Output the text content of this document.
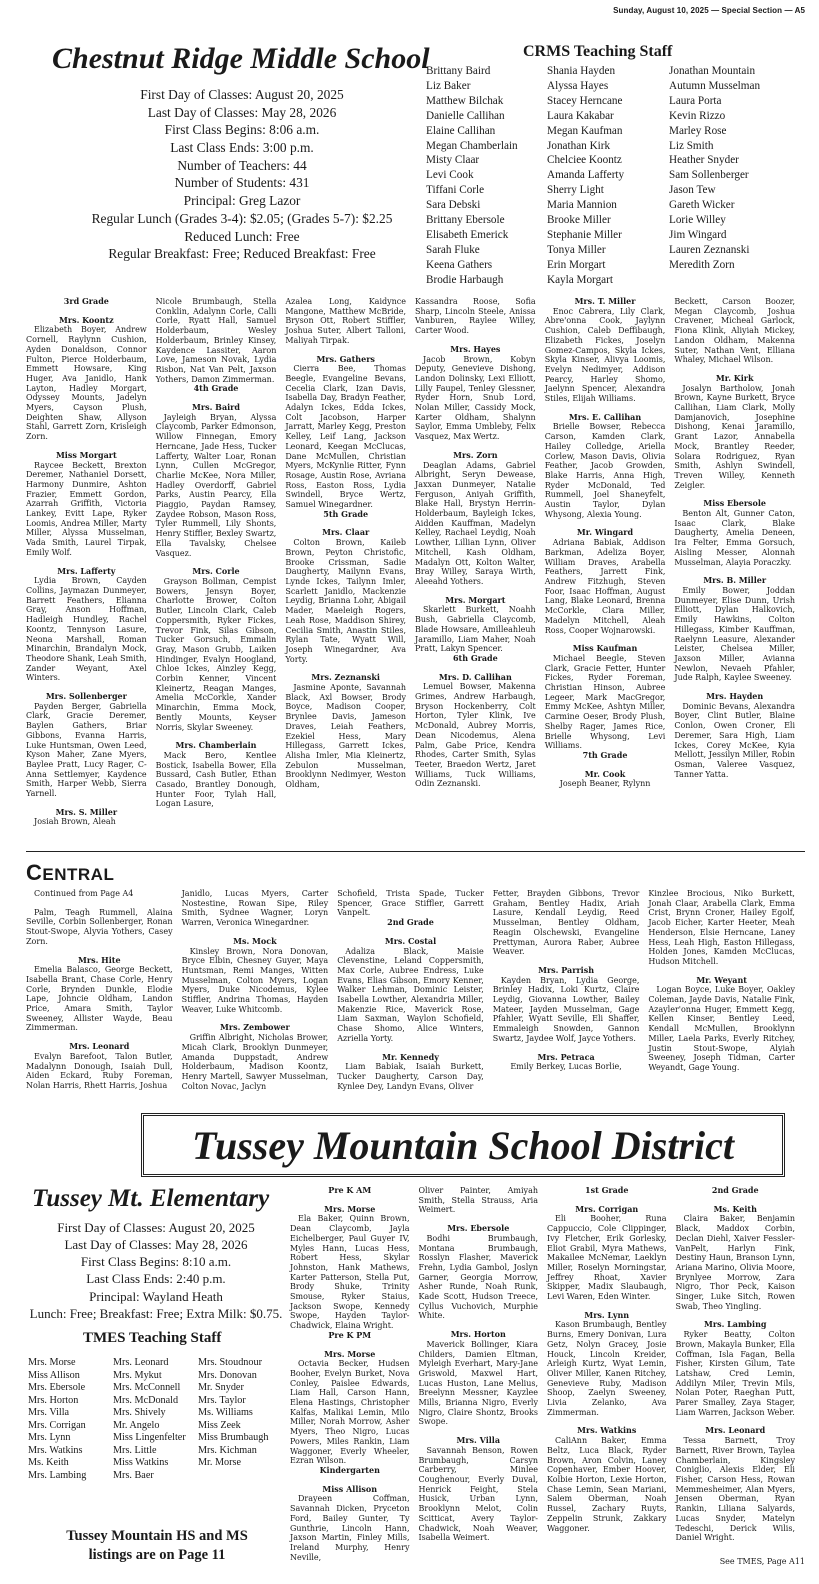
Sunday, August 10, 2025 — Special Section — A5
Chestnut Ridge Middle School
First Day of Classes: August 20, 2025
Last Day of Classes: May 28, 2026
First Class Begins: 8:06 a.m.
Last Class Ends: 3:00 p.m.
Number of Teachers: 44
Number of Students: 431
Principal: Greg Lazor
Regular Lunch (Grades 3-4): $2.05; (Grades 5-7): $2.25
Reduced Lunch: Free
Regular Breakfast: Free; Reduced Breakfast: Free
CRMS Teaching Staff
Brittany Baird	Shania Hayden	Jonathan Mountain
Liz Baker	Alyssa Hayes	Autumn Musselman
Matthew Bilchak	Stacey Herncane	Laura Porta
Danielle Callihan	Laura Kakabar	Kevin Rizzo
Elaine Callihan	Megan Kaufman	Marley Rose
Megan Chamberlain	Jonathan Kirk	Liz Smith
Misty Claar	Chelciee Koontz	Heather Snyder
Levi Cook	Amanda Lafferty	Sam Sollenberger
Tiffani Corle	Sherry Light	Jason Tew
Sara Debski	Maria Mannion	Gareth Wicker
Brittany Ebersole	Brooke Miller	Lorie Willey
Elisabeth Emerick	Stephanie Miller	Jim Wingard
Sarah Fluke	Tonya Miller	Lauren Zeznanski
Keena Gathers	Erin Morgart	Meredith Zorn
Brodie Harbaugh	Kayla Morgart
3rd Grade
Mrs. Koontz
Elizabeth Boyer, Andrew Cornell, Raylynn Cushion, Ayden Donaldson, Connor Fulton, Pierce Holderbaum, Emmett Howsare, King Huger, Ava Janidlo, Hank Layton, Hadley Morgart, Odyssey Mounts, Jadelyn Myers, Cayson Plush, Deighten Shaw, Allyson Stahl, Garrett Zorn, Krisleigh Zorn.
Miss Morgart
Raycee Beckett, Brexton Deremer, Nathaniel Dorsett, Harmony Dunmire, Ashton Frazier, Emmett Gordon, Azarrah Griffith, Victoria Lankey, Evitt Lape, Ryker Loomis, Andrea Miller, Marty Miller, Alyssa Musselman, Vada Smith, Laurel Tirpak, Emily Wolf.
Mrs. Lafferty
Lydia Brown, Cayden Collins, Jaymazan Dunmeyer, Barrett Feathers, Elianna Gray, Anson Hoffman, Hadleigh Hundley, Rachel Koontz, Tennyson Lasure, Neona Marshall, Roman Minarchin, Brandalyn Mock, Theodore Shank, Leah Smith, Zander Weyant, Axel Winters.
Mrs. Sollenberger
Payden Berger, Gabriella Clark, Gracie Deremer, Baylen Gathers, Briar Gibbons, Evanna Harris, Luke Huntsman, Owen Leed, Kyson Maher, Zane Myers, Baylee Pratt, Lucy Rager, C-Anna Settlemyer, Kaydence Smith, Harper Webb, Sierra Yarnell.
Mrs. S. Miller
Josiah Brown, Aleah
Nicole Brumbaugh, Stella Conklin, Adalynn Corle, Calli Corle, Ryatt Hall, Samuel Holderbaum, Wesley Holderbaum, Brinley Kinsey, Kaydence Lassiter, Aaron Love, Jameson Novak, Lydia Risbon, Nat Van Pelt, Jaxson Yothers, Damon Zimmerman.
4th Grade
Mrs. Baird
Jayleigh Bryan, Alyssa Claycomb, Parker Edmonson, Willow Finnegan, Emory Herncane, Jade Hess, Tucker Lafferty, Walter Loar, Ronan Lynn, Cullen McGregor, Charlie McKee, Nora Miller, Hadley Overdorff, Gabriel Parks, Austin Pearcy, Ella Piaggio, Paydan Ramsey, Zaydee Robson, Mason Ross, Tyler Rummell, Lily Shonts, Henry Stiffler, Bexley Swartz, Ella Tavalsky, Chelsee Vasquez.
Mrs. Corle
Grayson Bollman, Cempist Bowers, Jensyn Boyer, Charlotte Brower, Colton Butler, Lincoln Clark, Caleb Coppersmith, Ryker Fickes, Trevor Fink, Silas Gibson, Tucker Gorsuch, Emmalin Gray, Mason Grubb, Laiken Hindinger, Evalyn Hoogland, Chloe Ickes, Ainzley Kegg, Corbin Kenner, Vincent Kleinertz, Reagan Manges, Amelia McCorkle, Xander Minarchin, Emma Mock, Bently Mounts, Keyser Norris, Skylar Sweeney.
Mrs. Chamberlain
Mack Bero, Kentlee Bostick, Isabella Bower, Ella Bussard, Cash Butler, Ethan Casado, Brantley Donough, Hunter Foor, Tylah Hall, Logan Lasure,
Azalea Long, Kaidynce Mangone, Matthew McBride, Bryson Ott, Robert Stiffler, Joshua Suter, Albert Talloni, Maliyah Tirpak.
Mrs. Gathers
Cierra Bee, Thomas Beegle, Evangeline Bevans, Cecelia Clark, Izan Davis, Isabella Day, Bradyn Feather, Adalyn Ickes, Edda Ickes, Colt Jacobson, Harper Jarratt, Marley Kegg, Preston Kelley, Leif Lang, Jackson Leonard, Keegan McClucas, Dane McMullen, Christian Myers, McKynlie Ritter, Fynn Rosage, Austin Rose, Avriana Ross, Easton Ross, Lydia Swindell, Bryce Wertz, Samuel Winegardner.
5th Grade
Mrs. Claar
Colton Brown, Kaileb Brown, Peyton Christofic, Brooke Crissman, Sadie Daugherty, Mailynn Evans, Lynde Ickes, Tailynn Imler, Scarlett Janidlo, Mackenzie Leydig, Brianna Lohr, Abigail Mader, Maeleigh Rogers, Leah Rose, Maddison Shirey, Cecilia Smith, Anastin Stiles, Rylan Tate, Wyatt Will, Joseph Winegardner, Ava Yorty.
Mrs. Zeznanski
Jasmine Aponte, Savannah Black, Axl Bowser, Brody Boyce, Madison Cooper, Brynlee Davis, Jameson Draves, Leiah Feathers, Ezekiel Hess, Mary Hillegass, Garrett Ickes, Alisha Imler, Mia Kleinertz, Zebulon Musselman, Brooklynn Nedimyer, Weston Oldham,
Kassandra Roose, Sofia Sharp, Lincoln Steele, Anissa Vanburen, Raylee Willey, Carter Wood.
Mrs. Hayes
Jacob Brown, Kobyn Deputy, Genevieve Dishong, Landon Dolinsky, Lexi Elliott, Lilly Faupel, Tenley Glessner, Ryder Horn, Snub Lord, Nolan Miller, Cassidy Mock, Karter Oldham, Shalynn Saylor, Emma Umbleby, Felix Vasquez, Max Wertz.
Mrs. Zorn
Deaglan Adams, Gabriel Albright, Seryn Dewease, Jaxxan Dunmeyer, Natalie Ferguson, Aniyah Griffith, Blake Hall, Brystyn Herrin-Holderbaum, Bayleigh Ickes, Aidden Kauffman, Madelyn Kelley, Rachael Leydig, Noah Lowther, Lillian Lynn, Oliver Mitchell, Kash Oldham, Madalyn Ott, Kolton Walter, Bray Willey, Saraya Wirth, Aleeahd Yothers.
Mrs. Morgart
Skarlett Burkett, Noahh Bush, Gabriella Claycomb, Blade Howsare, Amilleahleuh Jaramillo, Liam Maher, Noah Pratt, Lakyn Spencer.
6th Grade
Mrs. D. Callihan
Lemuel Bowser, Makenna Grimes, Andrew Harbaugh, Bryson Hockenberry, Colt Horton, Tyler Klink, Ive McDonald, Aubrey Morris, Dean Nicodemus, Alena Palm, Gabe Price, Kendra Rhodes, Carter Smith, Sylas Teeter, Braedon Wertz, Jaret Williams, Tuck Williams, Odin Zeznanski.
Mrs. T. Miller
Enoc Cabrera, Lily Clark, Abre'onna Cook, Jaylynn Cushion, Caleb Deffibaugh, Elizabeth Fickes, Joselyn Gomez-Campos, Skyla Ickes, Skyla Kinser, Alivya Loomis, Evelyn Nedimyer, Addison Pearcy, Harley Shomo, Jaelynn Spencer, Alexandra Stiles, Elijah Williams.
Mrs. E. Callihan
Brielle Bowser, Rebecca Carson, Kamden Clark, Hailey Colledge, Ariella Corlew, Mason Davis, Olivia Feather, Jacob Growden, Blake Harris, Anna High, Ryder McDonald, Ted Rummell, Joel Shaneyfelt, Austin Taylor, Dylan Whysong, Alexia Young.
Mr. Wingard
Adriana Babiak, Addison Barkman, Adeliza Boyer, William Draves, Arabella Feathers, Jarrett Fink, Andrew Fitzhugh, Steven Foor, Isaac Hoffman, August Lang, Blake Leonard, Brenna McCorkle, Clara Miller, Madelyn Mitchell, Aleah Ross, Cooper Wojnarowski.
Miss Kaufman
Michael Beegle, Steven Clark, Gracie Fetter, Hunter Fickes, Ryder Foreman, Christian Hinson, Aubree Legeer, Mark MacGregor, Emmy McKee, Ashtyn Miller, Carmine Oeser, Brody Plush, Shelby Rager, James Rice, Brielle Whysong, Levi Williams.
7th Grade
Mr. Cook
Joseph Beaner, Rylynn
Beckett, Carson Boozer, Megan Claycomb, Joshua Cravener, Micheal Garlock, Fiona Klink, Aliyiah Mickey, Landon Oldham, Makenna Suter, Nathan Vent, Elliana Whaley, Michael Wilson.
Mr. Kirk
Josalyn Bartholow, Jonah Brown, Kayne Burkett, Bryce Callihan, Liam Clark, Molly Damjanovich, Josephine Dishong, Kenai Jaramillo, Grant Lazor, Annabella Mock, Brantley Reeder, Solara Rodriguez, Ryan Smith, Ashlyn Swindell, Treven Willey, Kenneth Zeigler.
Miss Ebersole
Benton Alt, Gunner Caton, Isaac Clark, Blake Daugherty, Amelia Deneen, Ira Felter, Emma Gorsuch, Aisling Messer, Alonnah Musselman, Alayia Poraczky.
Mrs. B. Miller
Emily Bower, Joddan Dunmeyer, Elise Dunn, Urish Elliott, Dylan Halkovich, Emily Hawkins, Colton Hillegass, Kimber Kauffman, Raelynn Leasure, Alexander Leister, Chelsea Miller, Jaxson Miller, Avianna Newlon, Nevaeh Pfahler, Jude Ralph, Kaylee Sweeney.
Mrs. Hayden
Dominic Bevans, Alexandra Boyer, Clint Butler, Blaine Conlon, Owen Croner, Eli Deremer, Sara High, Liam Ickes, Corey McKee, Kyia Mellott, Jessilyn Miller, Robin Osman, Valeree Vasquez, Tanner Yatta.
CENTRAL
Continued from Page A4
Palm, Teagh Rummell, Alaina Seville, Corbin Sollenberger, Ronan Stout-Swope, Alyvia Yothers, Casey Zorn.
Mrs. Hite
Emelia Balasco, George Beckett, Isabella Brant, Chase Corle, Henry Corle, Brynden Dunkle, Elodie Lape, Johncie Oldham, Landon Price, Amara Smith, Taylor Sweeney, Allister Wayde, Beau Zimmerman.
Mrs. Leonard
Evalyn Barefoot, Talon Butler, Madalynn Donough, Isaiah Dull, Aiden Eckard, Ruby Foreman, Nolan Harris, Rhett Harris, Joshua
Janidlo, Lucas Myers, Carter Nostestine, Rowan Sipe, Riley Smith, Sydnee Wagner, Loryn Warren, Veronica Winegardner.
Ms. Mock
Kinsley Brown, Nora Donovan, Bryce Elbin, Chesney Guyer, Maya Huntsman, Remi Manges, Witten Musselman, Colton Myers, Logan Myers, Duke Nicodemus, Kylee Stiffler, Andrina Thomas, Hayden Weaver, Luke Whitcomb.
Mrs. Zembower
Griffin Albright, Nicholas Brower, Micah Clark, Brooklyn Dunmeyer, Amanda Duppstadt, Andrew Holderbaum, Madison Koontz, Henry Martell, Sawyer Musselman, Colton Novac, Jaclyn
Schofield, Trista Spade, Tucker Spencer, Grace Stiffler, Garrett Vanpelt.
2nd Grade
Mrs. Costal
Adaliza Black, Maisie Clevenstine, Leland Coppersmith, Max Corle, Aubree Endress, Luke Evans, Elias Gibson, Emory Kenner, Walker Lehman, Dominic Leister, Isabella Lowther, Alexandria Miller, Makenzie Rice, Maverick Rose, Liam Saxman, Waylon Schofield, Chase Shomo, Alice Winters, Azriella Yorty.
Mr. Kennedy
Liam Babiak, Isaiah Burkett, Tucker Daugherty, Carson Day, Kynlee Dey, Landyn Evans, Oliver
Fetter, Brayden Gibbons, Trevor Graham, Bentley Hadix, Ariah Lasure, Kendall Leydig, Reed Musselman, Bentley Oldham, Reagin Olschewski, Evangeline Prettyman, Aurora Raber, Aubree Weaver.
Mrs. Parrish
Kayden Bryan, Lydia George, Brinley Hadix, Loki Kurtz, Claire Leydig, Giovanna Lowther, Bailey Mateer, Jayden Musselman, Gage Pfahler, Wyatt Seville, Eli Shaffer, Emmaleigh Snowden, Gannon Swartz, Jaydee Wolf, Jayce Yothers.
Mrs. Petraca
Emily Berkey, Lucas Borlie,
Kinzlee Brocious, Niko Burkett, Jonah Claar, Arabella Clark, Emma Crist, Brynn Croner, Hailey Egolf, Jacob Eicher, Karter Heeter, Meah Henderson, Elsie Herncane, Laney Hess, Leah High, Easton Hillegass, Holden Jones, Kamden McClucas, Hudson Mitchell.
Mr. Weyant
Logan Boyce, Luke Boyer, Oakley Coleman, Jayde Davis, Natalie Fink, Azayler'onna Huger, Emmett Kegg, Kellen Kinser, Bentley Leed, Kendall McMullen, Brooklynn Miller, Laela Parks, Everly Ritchey, Justin Stout-Swope, Alyiah Sweeney, Joseph Tidman, Carter Weyandt, Gage Young.
Tussey Mountain School District
Tussey Mt. Elementary
First Day of Classes: August 20, 2025
Last Day of Classes: May 28, 2026
First Class Begins: 8:10 a.m.
Last Class Ends: 2:40 p.m.
Principal: Wayland Heath
Lunch: Free; Breakfast: Free; Extra Milk: $0.75.
TMES Teaching Staff
Mrs. Morse	Mrs. Leonard	Mrs. Stoudnour
Miss Allison	Mrs. Mykut	Mrs. Donovan
Mrs. Ebersole	Mrs. McConnell	Mr. Snyder
Mrs. Horton	Mrs. McDonald	Mrs. Taylor
Mrs. Villa	Mrs. Shively	Ms. Williams
Mrs. Corrigan	Mr. Angelo	Miss Zeek
Mrs. Lynn	Miss Lingenfelter	Miss Brumbaugh
Mrs. Watkins	Mrs. Little	Mrs. Kichman
Ms. Keith	Miss Watkins	Mr. Morse
Mrs. Lambing	Mrs. Baer
Tussey Mountain HS and MS
listings are on Page 11
Pre K AM
Mrs. Morse
Ela Baker, Quinn Brown, Dean Claycomb, Jayla Eichelberger, Paul Guyer IV, Myles Hann, Lucas Hess, Robert Hess, Skylar Johnston, Hank Mathews, Karter Patterson, Stella Put, Brody Shuke, Trinity Smouse, Ryker Staius, Jackson Swope, Kennedy Swope, Hayden Taylor-Chadwick, Elaina Wright.
Pre K PM
Mrs. Morse
Octavia Becker, Hudsen Booher, Evelyn Burket, Nova Conley, Paislee Edwards, Liam Hall, Carson Hann, Elena Hastings, Christopher Kalfas, Malikai Lemin, Milo Miller, Norah Morrow, Asher Myers, Theo Nigro, Lucas Powers, Miles Rankin, Liam Waggoner, Everly Wheeler, Ezran Wilson.
Kindergarten
Miss Allison
Drayeen Coffman, Savannah Dicken, Pryceton Ford, Bailey Gunter, Ty Gunthrie, Lincoln Hann, Jaxson Martin, Finley Mills, Ireland Murphy, Henry Neville,
Oliver Painter, Amiyah Smith, Stella Strauss, Aria Weimert.
Mrs. Ebersole
Bodhi Brumbaugh, Montana Brumbaugh, Rosslyn Flasher, Maverick Frehn, Lydia Gambol, Joslyn Garner, Georgia Morrow, Asher Runde, Noah Runk, Kade Scott, Hudson Treece, Cyllus Vuchovich, Murphie White.
Mrs. Horton
Maverick Bollinger, Kiara Childers, Damien Eltman, Myleigh Everhart, Mary-Jane Griswold, Maxwel Hart, Lucas Huston, Lane Melius, Breelynn Messner, Kayzlee Mills, Brianna Nigro, Everly Nigro, Claire Shontz, Brooks Swope.
Mrs. Villa
Savannah Benson, Rowen Brumbaugh, Carsyn Carberry, Minlee Coughenour, Everly Duval, Henrick Feight, Stela Husick, Urban Lynn, Brooklynn Melot, Colin Scitticat, Avery Taylor-Chadwick, Noah Weaver, Isabella Weimert.
1st Grade
Mrs. Corrigan
Eli Booher, Runa Cappuccio, Cole Clippinger, Ivy Fletcher, Erik Gorlesky, Eliot Grabil, Myra Mathews, Makailee McNemar, Laeklyn Miller, Roselyn Morningstar, Jeffrey Rhoat, Xavier Skipper, Madix Slaubaugh, Levi Waren, Eden Winter.
Mrs. Lynn
Kason Brumbaugh, Bentley Burns, Emery Donivan, Lura Getz, Nolyn Gracey, Josie Houck, Lincoln Kreider, Arleigh Kurtz, Wyat Lemin, Oliver Miller, Kanen Ritchey, Genevieve Ruby, Madison Shoop, Zaelyn Sweeney, Livia Zelanko, Ava Zimmerman.
Mrs. Watkins
CaliAnn Baker, Emma Beltz, Luca Black, Ryder Brown, Aron Colvin, Laney Copenhaver, Ember Hoover, Kolbie Horton, Lexie Horton, Chase Lemin, Sean Mariani, Salem Oberman, Noah Russel, Zachary Ruyts, Zeppelin Strunk, Zakkary Waggoner.
2nd Grade
Ms. Keith
Claira Baker, Benjamin Black, Maddox Corbin, Declan Diehl, Xaiver Fessler-VanPelt, Harlyn Fink, Destiny Haun, Branson Lynn, Ariana Marino, Olivia Moore, Brynlyee Morrow, Zara Nigro, Thor Peck, Kaison Singer, Luke Sitch, Rowen Swab, Theo Yingling.
Mrs. Lambing
Ryker Beatty, Colton Brown, Makayla Bunker, Ella Coffman, Isla Fagan, Bella Fisher, Kirsten Gilum, Tate Latshaw, Cred Lemin, Addilyn Miler, Trevin Mils, Nolan Poter, Raeghan Putt, Parer Smalley, Zaya Stager, Liam Warren, Jackson Weber.
Mrs. Leonard
Tessa Barnett, Troy Barnett, River Brown, Taylea Chamberlain, Kingsley Coniglio, Alexis Elder, Eli Fisher, Carson Hess, Rowan Memmesheimer, Alan Myers, Jensen Oberman, Ryan Rankin, Liliana Salyards, Lucas Snyder, Matelyn Tedeschi, Derick Wilis, Daniel Wright.
See TMES, Page A11
